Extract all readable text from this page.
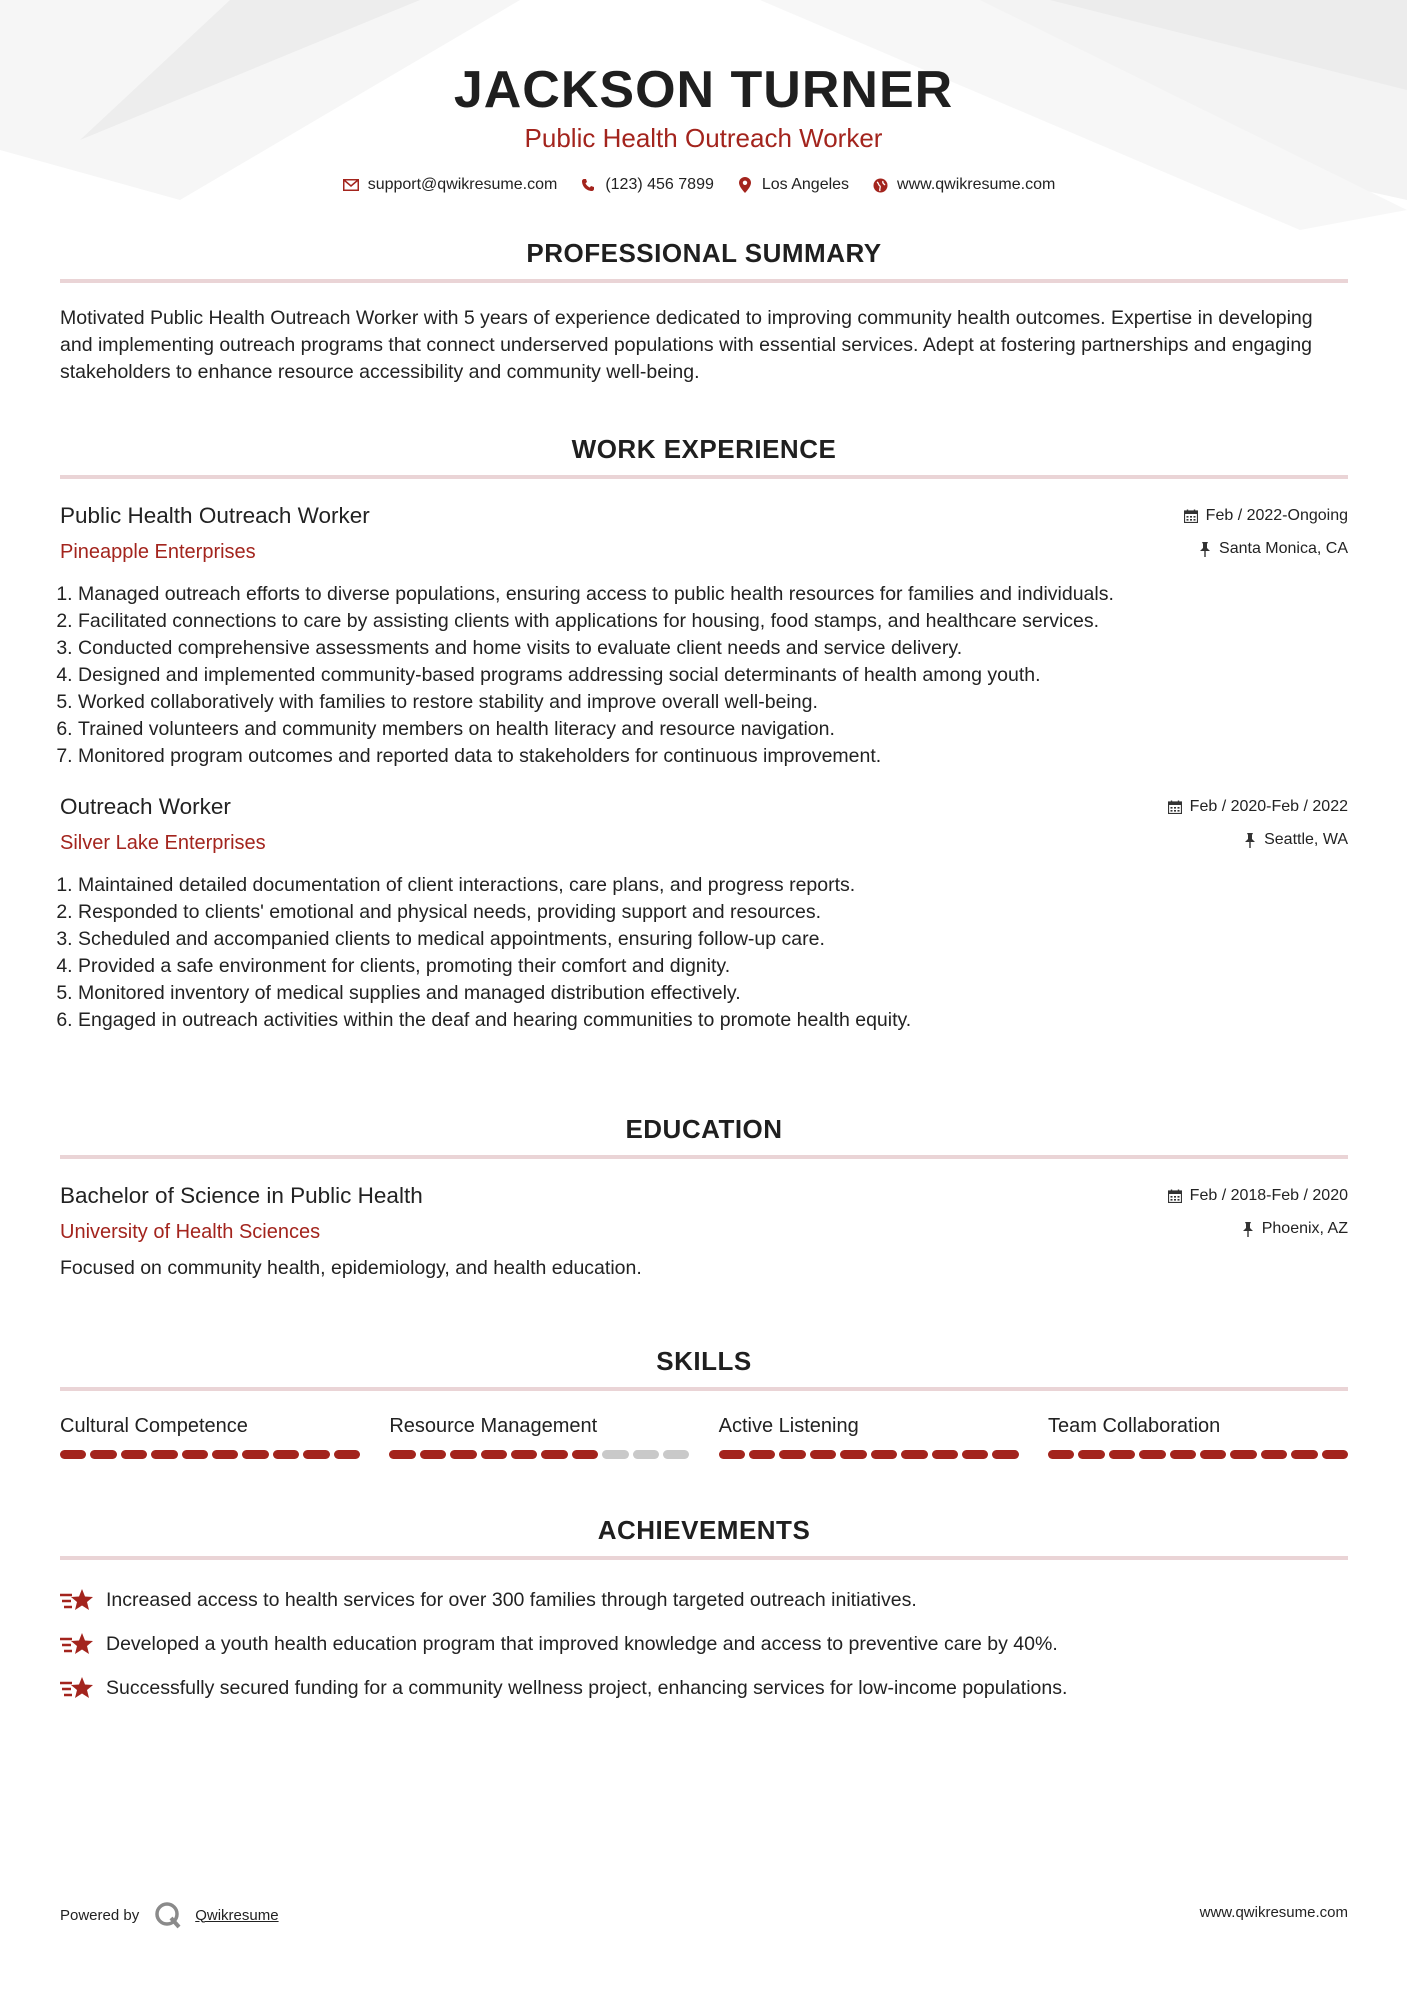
JACKSON TURNER
Public Health Outreach Worker
support@qwikresume.com	(123) 456 7899	Los Angeles	www.qwikresume.com
PROFESSIONAL SUMMARY
Motivated Public Health Outreach Worker with 5 years of experience dedicated to improving community health outcomes. Expertise in developing and implementing outreach programs that connect underserved populations with essential services. Adept at fostering partnerships and engaging stakeholders to enhance resource accessibility and community well-being.
WORK EXPERIENCE
Public Health Outreach Worker
Pineapple Enterprises
Feb / 2022-Ongoing
Santa Monica, CA
1. Managed outreach efforts to diverse populations, ensuring access to public health resources for families and individuals.
2. Facilitated connections to care by assisting clients with applications for housing, food stamps, and healthcare services.
3. Conducted comprehensive assessments and home visits to evaluate client needs and service delivery.
4. Designed and implemented community-based programs addressing social determinants of health among youth.
5. Worked collaboratively with families to restore stability and improve overall well-being.
6. Trained volunteers and community members on health literacy and resource navigation.
7. Monitored program outcomes and reported data to stakeholders for continuous improvement.
Outreach Worker
Silver Lake Enterprises
Feb / 2020-Feb / 2022
Seattle, WA
1. Maintained detailed documentation of client interactions, care plans, and progress reports.
2. Responded to clients' emotional and physical needs, providing support and resources.
3. Scheduled and accompanied clients to medical appointments, ensuring follow-up care.
4. Provided a safe environment for clients, promoting their comfort and dignity.
5. Monitored inventory of medical supplies and managed distribution effectively.
6. Engaged in outreach activities within the deaf and hearing communities to promote health equity.
EDUCATION
Bachelor of Science in Public Health
University of Health Sciences
Feb / 2018-Feb / 2020
Phoenix, AZ
Focused on community health, epidemiology, and health education.
SKILLS
Cultural Competence	Resource Management	Active Listening	Team Collaboration
ACHIEVEMENTS
Increased access to health services for over 300 families through targeted outreach initiatives.
Developed a youth health education program that improved knowledge and access to preventive care by 40%.
Successfully secured funding for a community wellness project, enhancing services for low-income populations.
Powered by	Qwikresume	www.qwikresume.com
